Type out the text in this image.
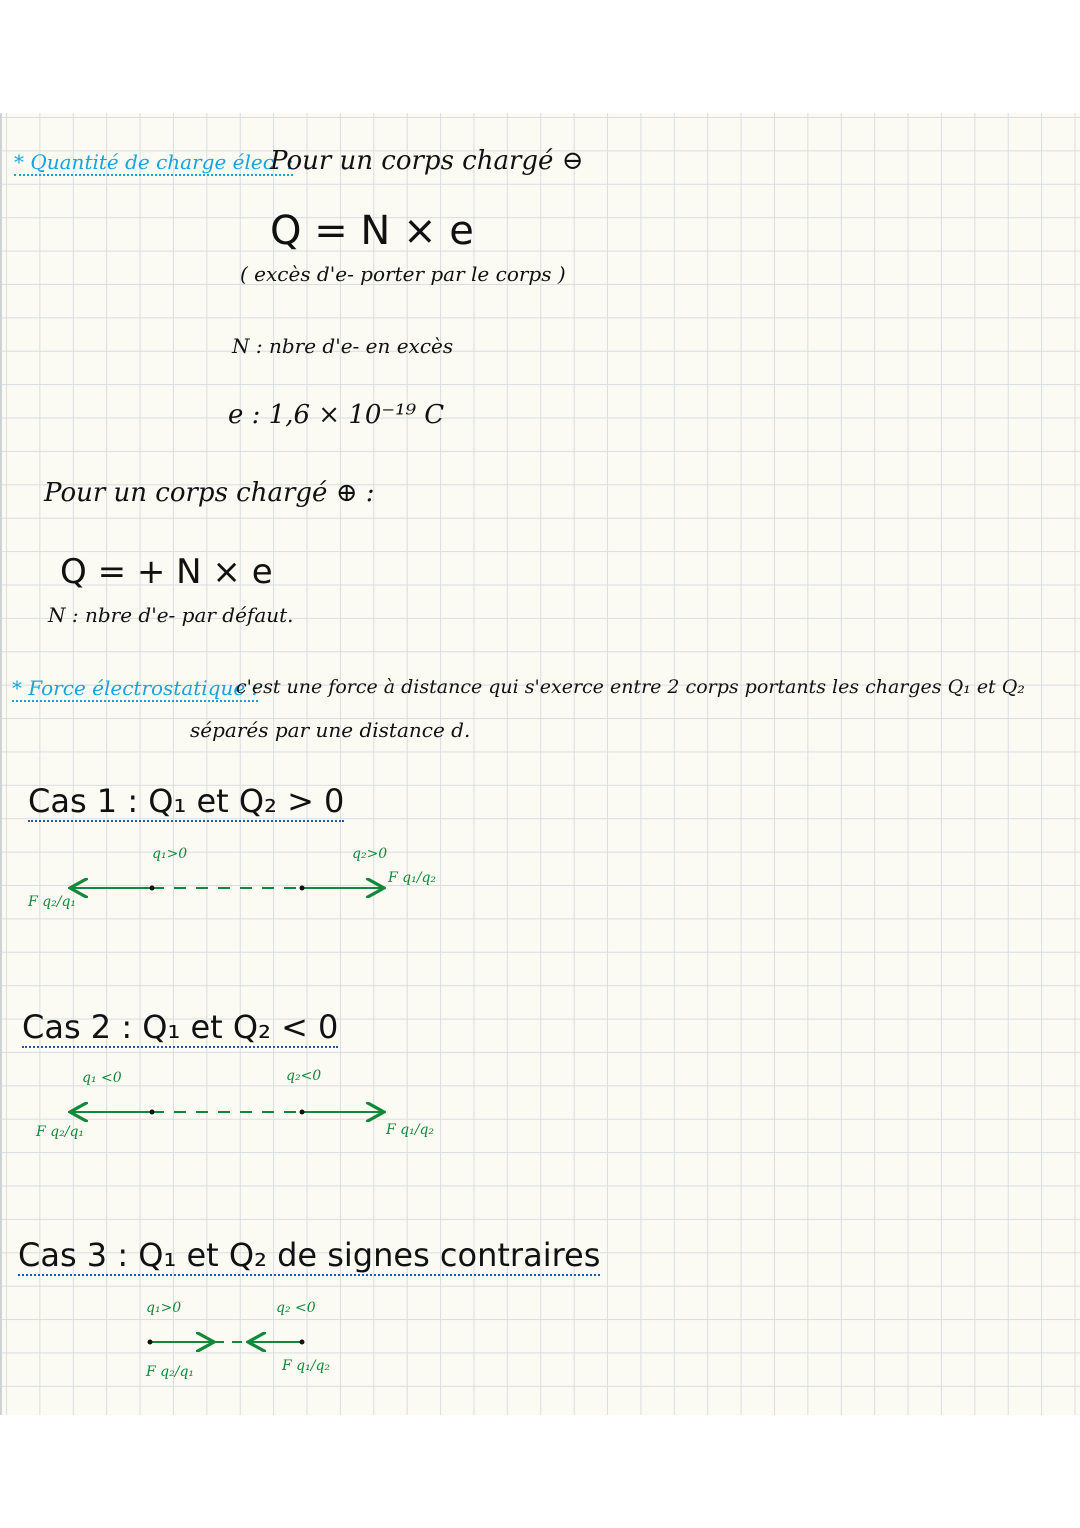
* Quantité de charge élec. :
Pour un corps chargé ⊖
Q = N × e
( excès d'e- porter par le corps )
N : nbre d'e- en excès
e : 1,6 × 10⁻¹⁹ C
Pour un corps chargé ⊕ :
Q = + N × e
N : nbre d'e- par défaut.
* Force électrostatique :
c'est une force à distance qui s'exerce entre 2 corps portants les charges Q₁ et Q₂
séparés par une distance d.
Cas 1 : Q₁ et Q₂ > 0
q₁>0	q₂>0
F q₂/q₁
F q₁/q₂
Cas 2 : Q₁ et Q₂ < 0
q₁ <0	q₂<0
F q₂/q₁	F q₁/q₂
Cas 3 : Q₁ et Q₂ de signes contraires
q₁>0	q₂ <0
F q₂/q₁	F q₁/q₂
